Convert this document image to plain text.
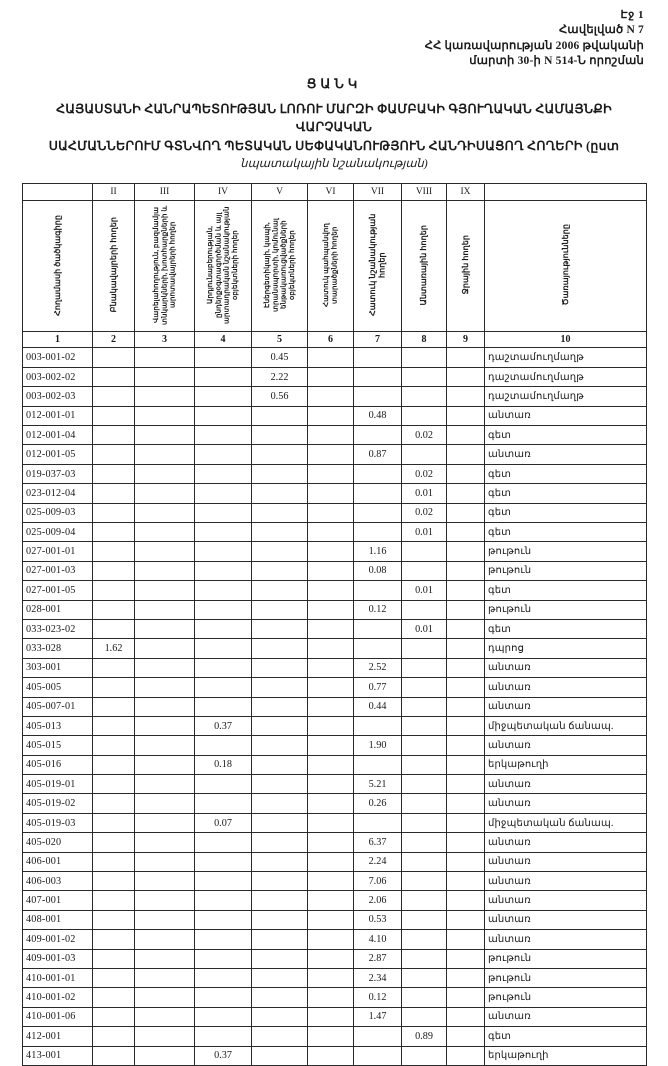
Էջ 1
Հավելված N 7
ՀՀ կառավարության 2006 թվականի
մարտի 30-ի N 514-Ն որոշման
ՑԱՆԿ
ՀԱՅԱՍՏԱՆԻ ՀԱՆՐԱՊԵՏՈՒԹՅԱՆ ԼՈՌՈՒ ՄԱՐԶԻ ՓԱՄԲԱԿԻ ԳՅՈՒՂԱԿԱՆ ՀԱՄԱՅՆՔԻ ՎԱՐՉԱԿԱՆ
ՍԱՀՄԱՆՆԵՐՈՒՄ ԳՏՆՎՈՂ ՊԵՏԱԿԱՆ ՍԵՓԱԿԱՆՈՒԹՅՈՒՆ ՀԱՆԴԻՍԱՑՈՂ ՀՈՂԵՐԻ (ըստ
նպատակային նշանակության)
	II	III	IV	V	VI	VII	VIII	IX	
Հողամասի ծածկագիրը	Բնակավայրերի հողեր	Վարելահողություն, բազմամյա տնկարկների, խոտհարքների և արոտավայրերի հողեր	Արդյունաբերության, ընդերքօգտագործման և այլ արտադրական նշանակության օբյեկտների հողեր	Էներգետիկայի, կապի, տրանսպորտի, կոմունալ ենթակառուցվածքների օբյեկտների հողեր	Հատուկ պահպանվող տարածքների հողեր	Հատուկ նշանակության հողեր	Անտառային հողեր	Ջրային հողեր	Ծառայությունները
1	2	3	4	5	6	7	8	9	10
003-001-02				0.45					դաշտամուղմաղթ
003-002-02				2.22					դաշտամուղմաղթ
003-002-03				0.56					դաշտամուղմաղթ
012-001-01						0.48			անտառ
012-001-04							0.02		գետ
012-001-05						0.87			անտառ
019-037-03							0.02		գետ
023-012-04							0.01		գետ
025-009-03							0.02		գետ
025-009-04							0.01		գետ
027-001-01						1.16			թութուն
027-001-03						0.08			թութուն
027-001-05							0.01		գետ
028-001						0.12			թութուն
033-023-02							0.01		գետ
033-028	1.62								դպրոց
303-001						2.52			անտառ
405-005						0.77			անտառ
405-007-01						0.44			անտառ
405-013			0.37						միջպետական ճանապ.
405-015						1.90			անտառ
405-016			0.18						երկաթուղի
405-019-01						5.21			անտառ
405-019-02						0.26			անտառ
405-019-03			0.07						միջպետական ճանապ.
405-020						6.37			անտառ
406-001						2.24			անտառ
406-003						7.06			անտառ
407-001						2.06			անտառ
408-001						0.53			անտառ
409-001-02						4.10			անտառ
409-001-03						2.87			թութուն
410-001-01						2.34			թութուն
410-001-02						0.12			թութուն
410-001-06						1.47			անտառ
412-001							0.89		գետ
413-001			0.37						երկաթուղի
